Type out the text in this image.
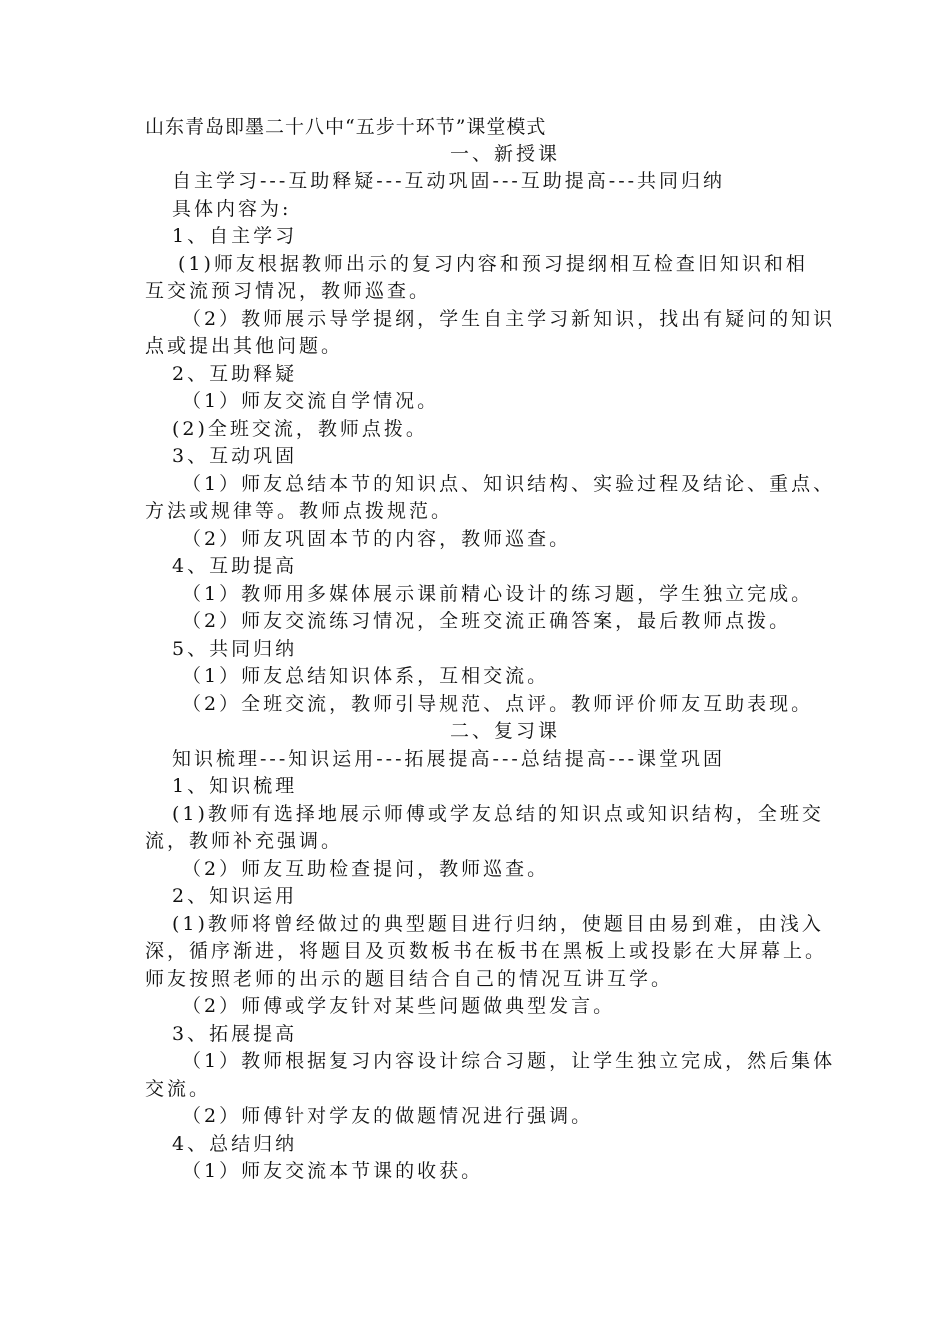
山东青岛即墨二十八中“五步十环节”课堂模式
一、新授课
自主学习---互助释疑---互动巩固---互助提高---共同归纳
具体内容为:
1、自主学习
(1)师友根据教师出示的复习内容和预习提纲相互检查旧知识和相
互交流预习情况，教师巡查。
（2）教师展示导学提纲，学生自主学习新知识，找出有疑问的知识
点或提出其他问题。
2、互助释疑
（1）师友交流自学情况。
(2)全班交流，教师点拨。
3、互动巩固
（1）师友总结本节的知识点、知识结构、实验过程及结论、重点、
方法或规律等。教师点拨规范。
（2）师友巩固本节的内容，教师巡查。
4、互助提高
（1）教师用多媒体展示课前精心设计的练习题，学生独立完成。
（2）师友交流练习情况，全班交流正确答案，最后教师点拨。
5、共同归纳
（1）师友总结知识体系，互相交流。
（2）全班交流，教师引导规范、点评。教师评价师友互助表现。
二、复习课
知识梳理---知识运用---拓展提高---总结提高---课堂巩固
1、知识梳理
(1)教师有选择地展示师傅或学友总结的知识点或知识结构，全班交
流，教师补充强调。
（2）师友互助检查提问，教师巡查。
2、知识运用
(1)教师将曾经做过的典型题目进行归纳，使题目由易到难，由浅入
深，循序渐进，将题目及页数板书在板书在黑板上或投影在大屏幕上。
师友按照老师的出示的题目结合自己的情况互讲互学。
（2）师傅或学友针对某些问题做典型发言。
3、拓展提高
（1）教师根据复习内容设计综合习题，让学生独立完成，然后集体
交流。
（2）师傅针对学友的做题情况进行强调。
4、总结归纳
（1）师友交流本节课的收获。
